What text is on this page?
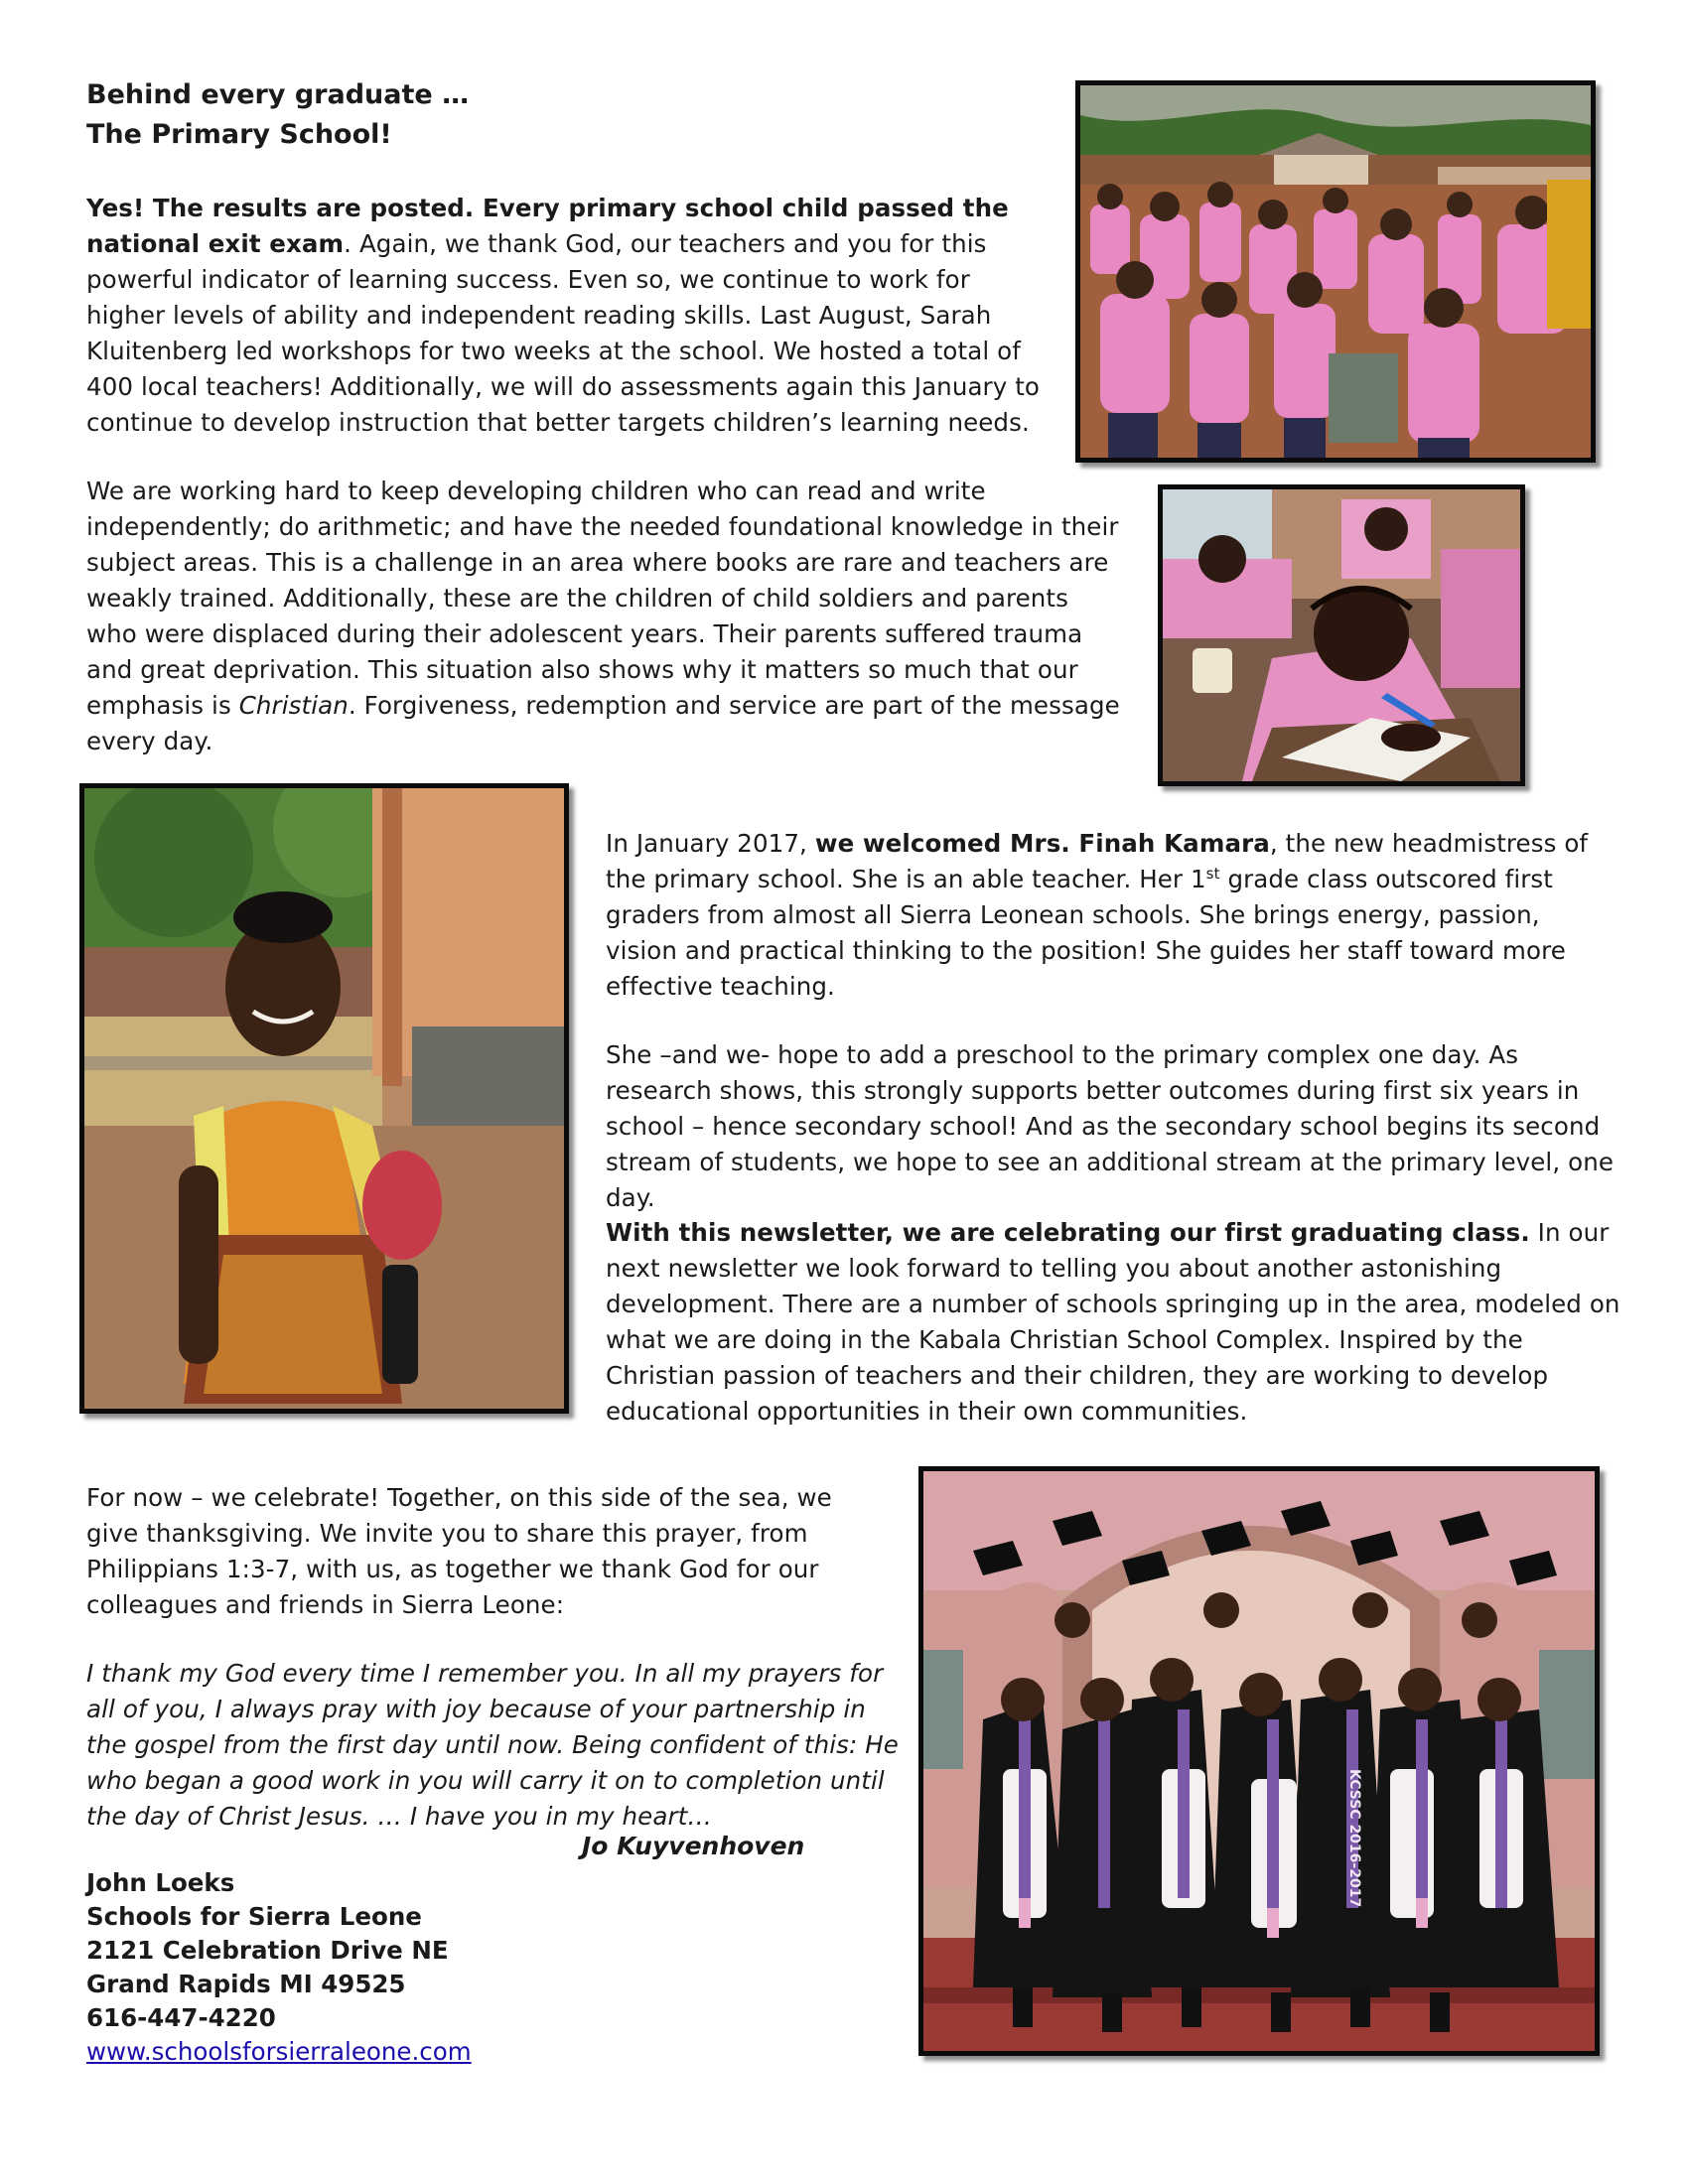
Behind every graduate …
The Primary School!

Yes! The results are posted. Every primary school child passed the national exit exam. Again, we thank God, our teachers and you for this powerful indicator of learning success. Even so, we continue to work for higher levels of ability and independent reading skills. Last August, Sarah Kluitenberg led workshops for two weeks at the school. We hosted a total of 400 local teachers! Additionally, we will do assessments again this January to continue to develop instruction that better targets children’s learning needs.

We are working hard to keep developing children who can read and write independently; do arithmetic; and have the needed foundational knowledge in their subject areas. This is a challenge in an area where books are rare and teachers are weakly trained. Additionally, these are the children of child soldiers and parents who were displaced during their adolescent years. Their parents suffered trauma and great deprivation. This situation also shows why it matters so much that our emphasis is Christian. Forgiveness, redemption and service are part of the message every day.

In January 2017, we welcomed Mrs. Finah Kamara, the new headmistress of the primary school. She is an able teacher. Her 1st grade class outscored first graders from almost all Sierra Leonean schools. She brings energy, passion, vision and practical thinking to the position! She guides her staff toward more effective teaching.

She –and we- hope to add a preschool to the primary complex one day. As research shows, this strongly supports better outcomes during first six years in school – hence secondary school! And as the secondary school begins its second stream of students, we hope to see an additional stream at the primary level, one day.

With this newsletter, we are celebrating our first graduating class. In our next newsletter we look forward to telling you about another astonishing development. There are a number of schools springing up in the area, modeled on what we are doing in the Kabala Christian School Complex. Inspired by the Christian passion of teachers and their children, they are working to develop educational opportunities in their own communities.

For now – we celebrate! Together, on this side of the sea, we give thanksgiving. We invite you to share this prayer, from Philippians 1:3-7, with us, as together we thank God for our colleagues and friends in Sierra Leone:

I thank my God every time I remember you. In all my prayers for all of you, I always pray with joy because of your partnership in the gospel from the first day until now. Being confident of this: He who began a good work in you will carry it on to completion until the day of Christ Jesus. … I have you in my heart…

Jo Kuyvenhoven
John Loeks
Schools for Sierra Leone
2121 Celebration Drive NE
Grand Rapids MI 49525
616-447-4220
www.schoolsforsierraleone.com
KCSSC 2016-2017
